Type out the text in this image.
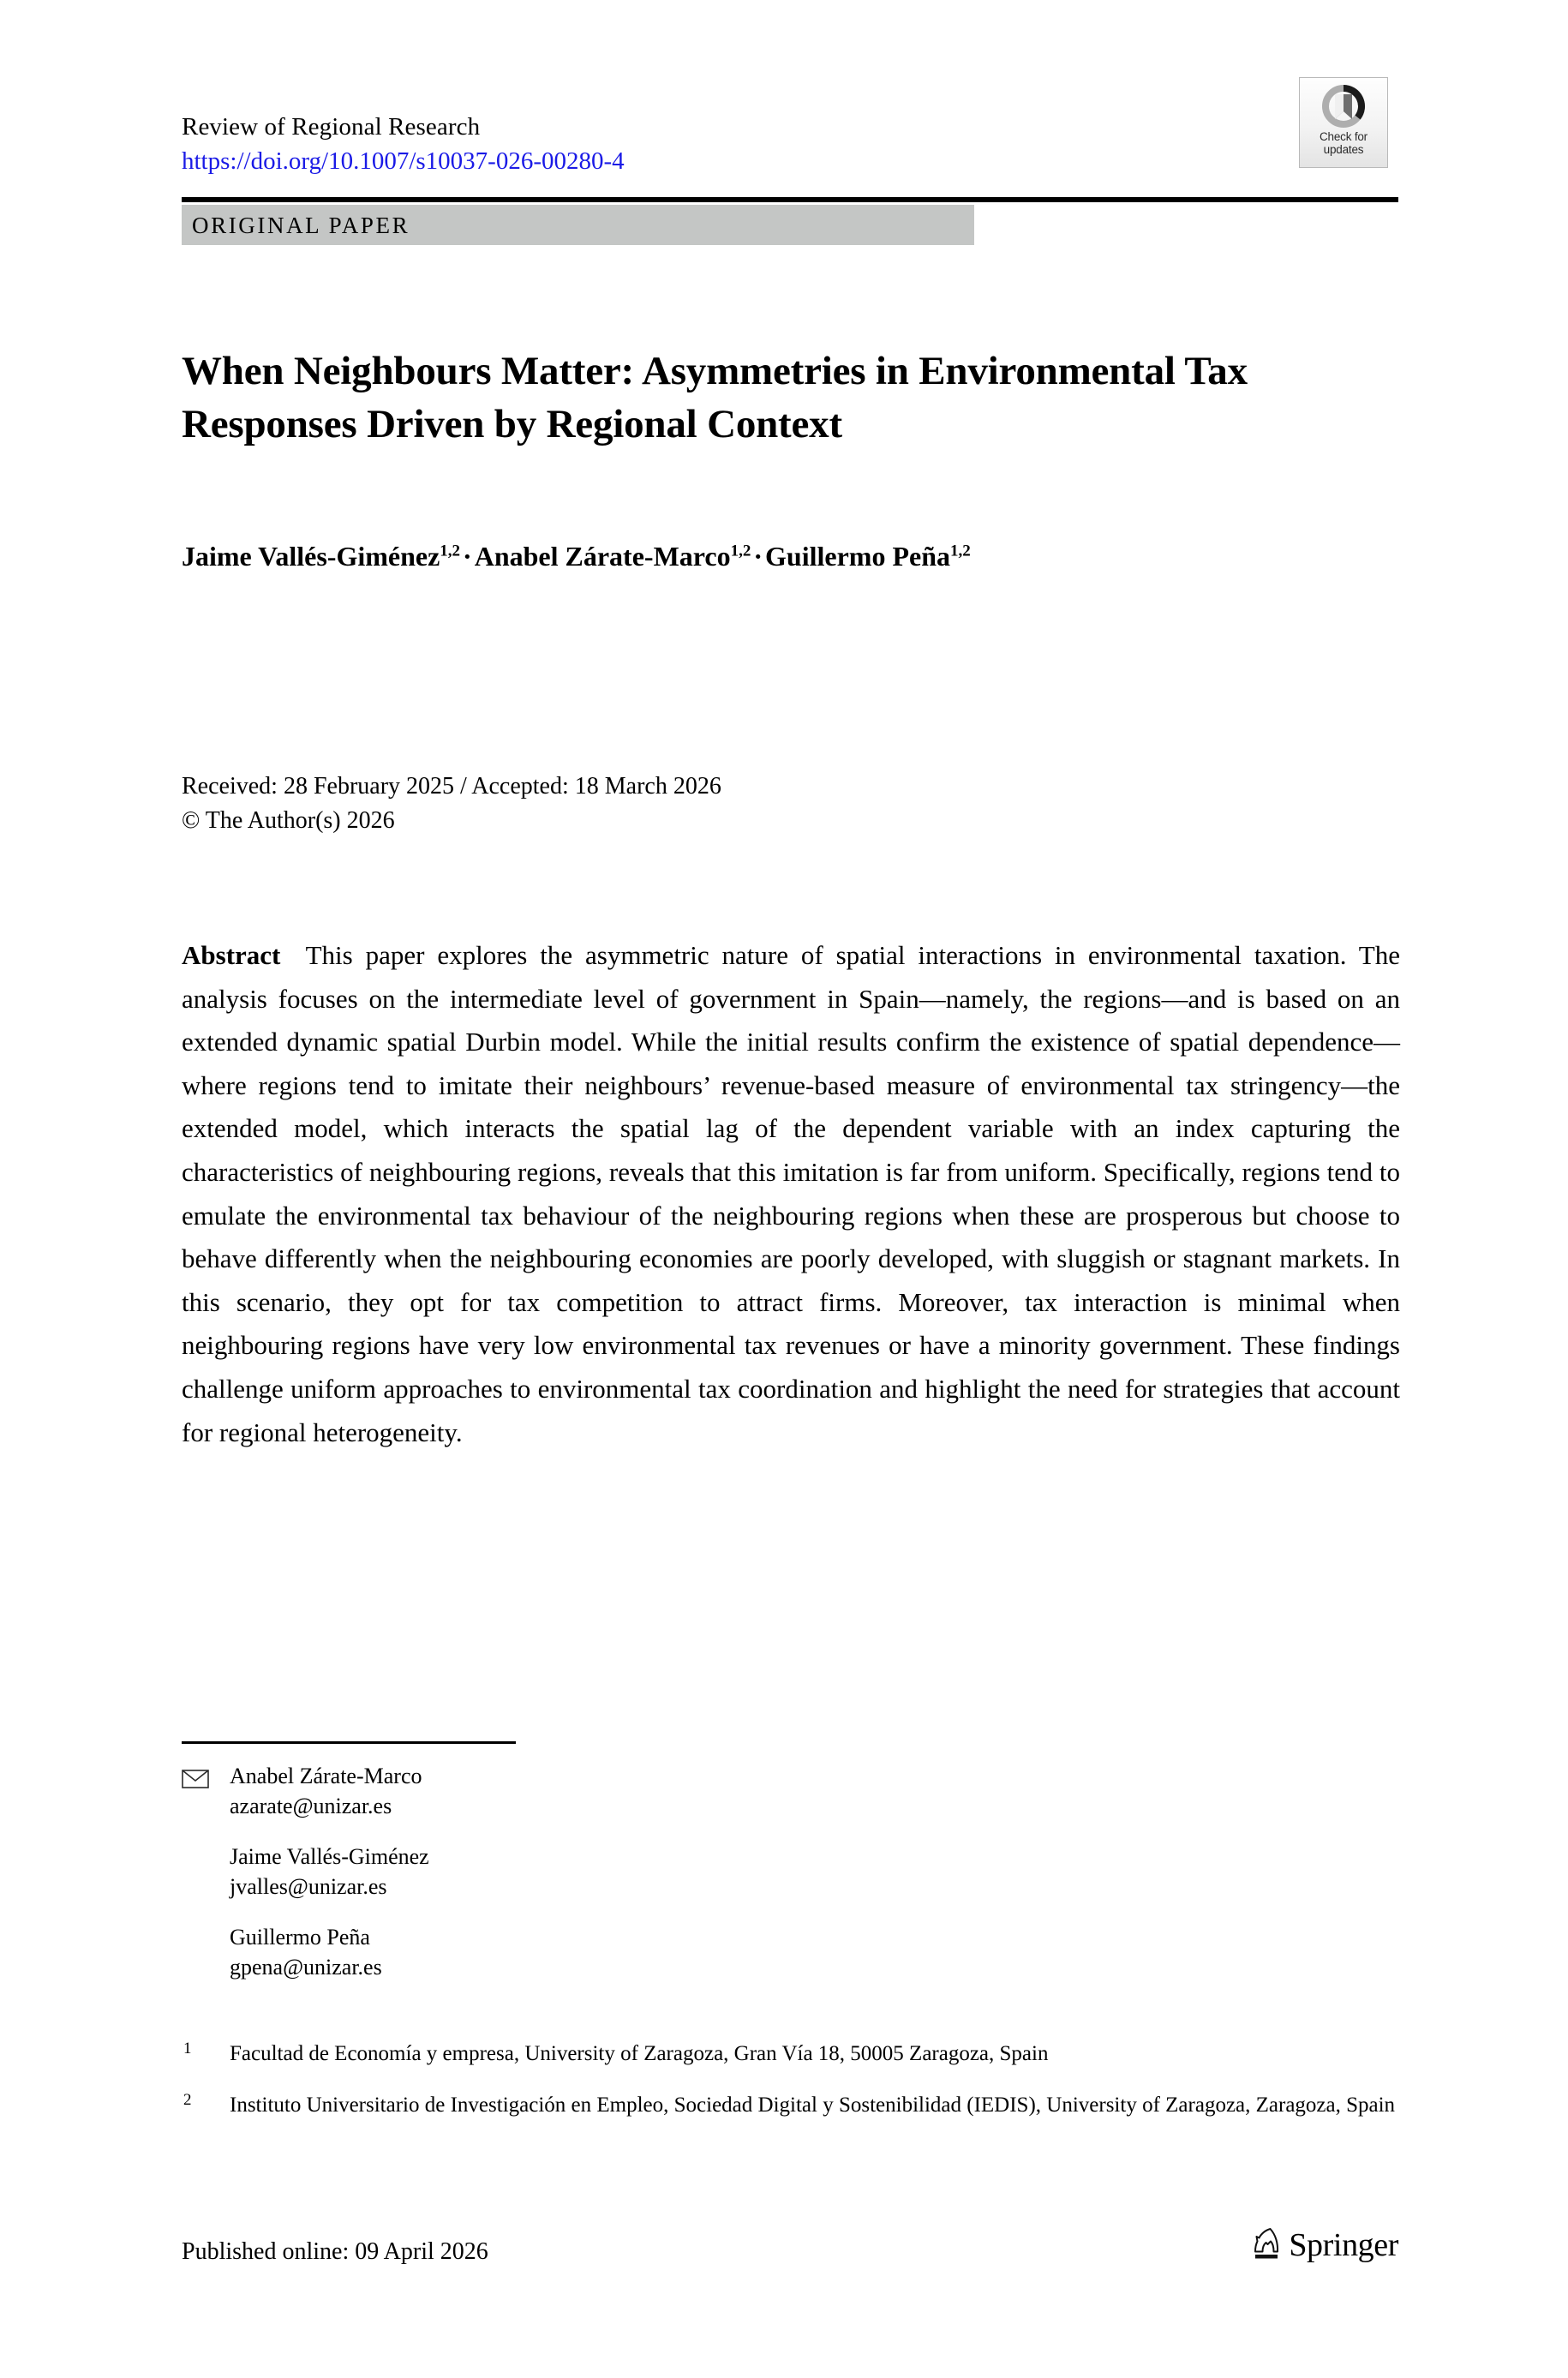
Review of Regional Research
https://doi.org/10.1007/s10037-026-00280-4
Check for
updates
ORIGINAL PAPER
When Neighbours Matter: Asymmetries in Environmental Tax Responses Driven by Regional Context
Jaime Vallés-Giménez$^{1,2}$·Anabel Zárate-Marco$^{1,2}$·Guillermo Peña$^{1,2}$
Received: 28 February 2025 / Accepted: 18 March 2026
© The Author(s) 2026
Abstract This paper explores the asymmetric nature of spatial interactions in environmental taxation. The analysis focuses on the intermediate level of government in Spain—namely, the regions—and is based on an extended dynamic spatial Durbin model. While the initial results confirm the existence of spatial dependence—where regions tend to imitate their neighbours’ revenue-based measure of environmental tax stringency—the extended model, which interacts the spatial lag of the dependent variable with an index capturing the characteristics of neighbouring regions, reveals that this imitation is far from uniform. Specifically, regions tend to emulate the environmental tax behaviour of the neighbouring regions when these are prosperous but choose to behave differently when the neighbouring economies are poorly developed, with sluggish or stagnant markets. In this scenario, they opt for tax competition to attract firms. Moreover, tax interaction is minimal when neighbouring regions have very low environmental tax revenues or have a minority government. These findings challenge uniform approaches to environmental tax coordination and highlight the need for strategies that account for regional heterogeneity.
Anabel Zárate-Marco
azarate@unizar.es
Jaime Vallés-Giménez
jvalles@unizar.es
Guillermo Peña
gpena@unizar.es
1 Facultad de Economía y empresa, University of Zaragoza, Gran Vía 18, 50005 Zaragoza, Spain
2 Instituto Universitario de Investigación en Empleo, Sociedad Digital y Sostenibilidad (IEDIS), University of Zaragoza, Zaragoza, Spain
Published online: 09 April 2026	Springer
